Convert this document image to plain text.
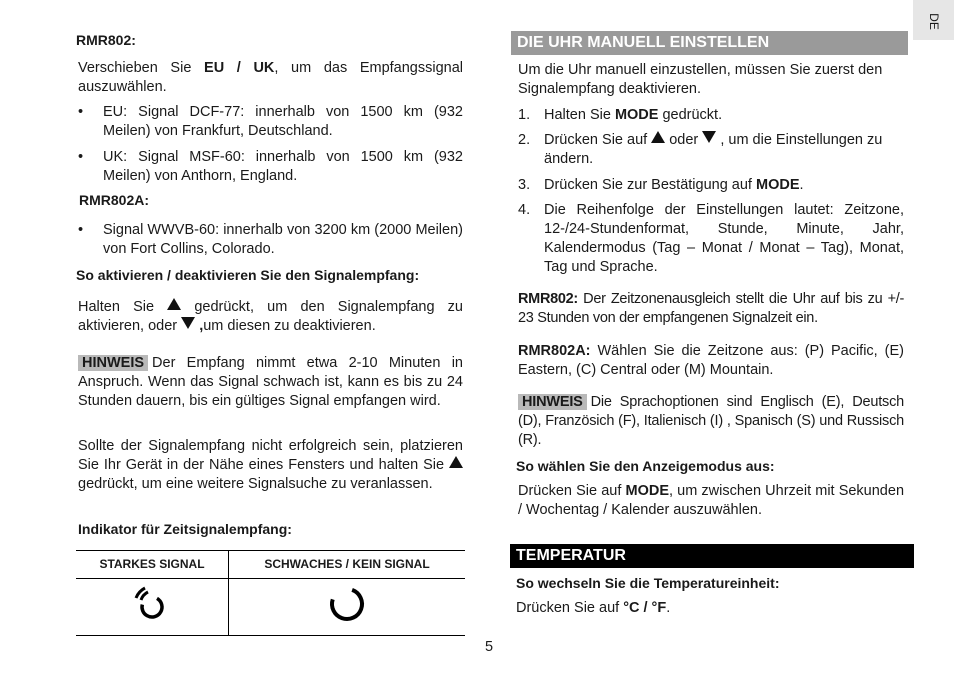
DE
RMR802:
Verschieben Sie EU / UK, um das Empfangssignal auszuwählen.
• EU: Signal DCF-77: innerhalb von 1500 km (932 Meilen) von Frankfurt, Deutschland.
• UK: Signal MSF-60: innerhalb von 1500 km (932 Meilen) von Anthorn, England.
RMR802A:
• Signal WWVB-60: innerhalb von 3200 km (2000 Meilen) von Fort Collins, Colorado.
So aktivieren / deaktivieren Sie den Signalempfang:
Halten Sie  gedrückt, um den Signalempfang zu aktivieren, oder  ,um diesen zu deaktivieren.
HINWEIS Der Empfang nimmt etwa 2-10 Minuten in Anspruch. Wenn das Signal schwach ist, kann es bis zu 24 Stunden dauern, bis ein gültiges Signal empfangen wird.
Sollte der Signalempfang nicht erfolgreich sein, platzieren Sie Ihr Gerät in der Nähe eines Fensters und halten Sie  gedrückt, um eine weitere Signalsuche zu veranlassen.
Indikator für Zeitsignalempfang:
STARKES SIGNAL	SCHWACHES / KEIN SIGNAL

DIE UHR MANUELL EINSTELLEN
Um die Uhr manuell einzustellen, müssen Sie zuerst den Signalempfang deaktivieren.
1. Halten Sie MODE gedrückt.
2. Drücken Sie auf  oder  , um die Einstellungen zu ändern.
3. Drücken Sie zur Bestätigung auf MODE.
4. Die Reihenfolge der Einstellungen lautet: Zeitzone, 12-/24-Stundenformat, Stunde, Minute, Jahr, Kalendermodus (Tag – Monat / Monat – Tag), Monat, Tag und Sprache.
RMR802: Der Zeitzonenausgleich stellt die Uhr auf bis zu +/- 23 Stunden von der empfangenen Signalzeit ein.
RMR802A: Wählen Sie die Zeitzone aus: (P) Pacific, (E) Eastern, (C) Central oder (M) Mountain.
HINWEIS Die Sprachoptionen sind Englisch (E), Deutsch (D), Französich (F), Italienisch (I) , Spanisch (S) und Russisch (R).
So wählen Sie den Anzeigemodus aus:
Drücken Sie auf MODE, um zwischen Uhrzeit mit Sekunden / Wochentag / Kalender auszuwählen.
TEMPERATUR
So wechseln Sie die Temperatureinheit:
Drücken Sie auf °C / °F.
5
